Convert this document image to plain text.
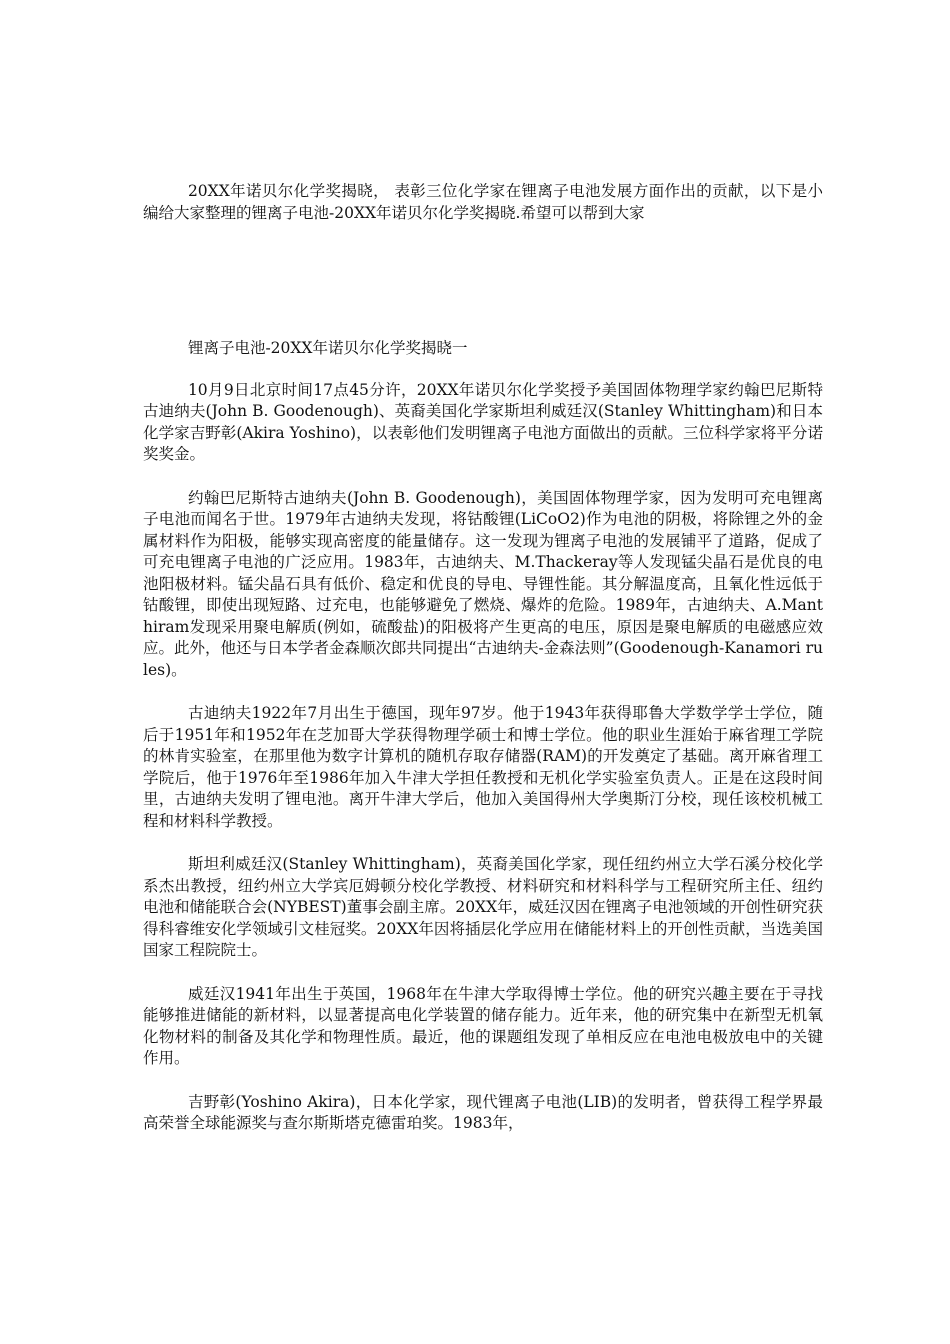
20XX年诺贝尔化学奖揭晓， 表彰三位化学家在锂离子电池发展方面作出的贡献，以下是小编给大家整理的锂离子电池-20XX年诺贝尔化学奖揭晓.希望可以帮到大家

锂离子电池-20XX年诺贝尔化学奖揭晓一

10月9日北京时间17点45分许，20XX年诺贝尔化学奖授予美国固体物理学家约翰巴尼斯特古迪纳夫(John B. Goodenough)、英裔美国化学家斯坦利威廷汉(Stanley Whittingham)和日本化学家吉野彰(Akira Yoshino)，以表彰他们发明锂离子电池方面做出的贡献。三位科学家将平分诺奖奖金。

约翰巴尼斯特古迪纳夫(John B. Goodenough)，美国固体物理学家，因为发明可充电锂离子电池而闻名于世。1979年古迪纳夫发现，将钴酸锂(LiCoO2)作为电池的阴极，将除锂之外的金属材料作为阳极，能够实现高密度的能量储存。这一发现为锂离子电池的发展铺平了道路，促成了可充电锂离子电池的广泛应用。1983年，古迪纳夫、M.Thackeray等人发现锰尖晶石是优良的电池阳极材料。锰尖晶石具有低价、稳定和优良的导电、导锂性能。其分解温度高，且氧化性远低于钴酸锂，即使出现短路、过充电，也能够避免了燃烧、爆炸的危险。1989年，古迪纳夫、A.Manthiram发现采用聚电解质(例如，硫酸盐)的阳极将产生更高的电压，原因是聚电解质的电磁感应效应。此外，他还与日本学者金森顺次郎共同提出“古迪纳夫-金森法则”(Goodenough-Kanamori rules)。

古迪纳夫1922年7月出生于德国，现年97岁。他于1943年获得耶鲁大学数学学士学位，随后于1951年和1952年在芝加哥大学获得物理学硕士和博士学位。他的职业生涯始于麻省理工学院的林肯实验室，在那里他为数字计算机的随机存取存储器(RAM)的开发奠定了基础。离开麻省理工学院后，他于1976年至1986年加入牛津大学担任教授和无机化学实验室负责人。正是在这段时间里，古迪纳夫发明了锂电池。离开牛津大学后，他加入美国得州大学奥斯汀分校，现任该校机械工程和材料科学教授。

斯坦利威廷汉(Stanley Whittingham)，英裔美国化学家，现任纽约州立大学石溪分校化学系杰出教授，纽约州立大学宾厄姆顿分校化学教授、材料研究和材料科学与工程研究所主任、纽约电池和储能联合会(NYBEST)董事会副主席。20XX年，威廷汉因在锂离子电池领域的开创性研究获得科睿维安化学领域引文桂冠奖。20XX年因将插层化学应用在储能材料上的开创性贡献，当选美国国家工程院院士。

威廷汉1941年出生于英国，1968年在牛津大学取得博士学位。他的研究兴趣主要在于寻找能够推进储能的新材料，以显著提高电化学装置的储存能力。近年来，他的研究集中在新型无机氧化物材料的制备及其化学和物理性质。最近，他的课题组发现了单相反应在电池电极放电中的关键作用。

吉野彰(Yoshino Akira)，日本化学家，现代锂离子电池(LIB)的发明者，曾获得工程学界最高荣誉全球能源奖与查尔斯斯塔克德雷珀奖。1983年，
